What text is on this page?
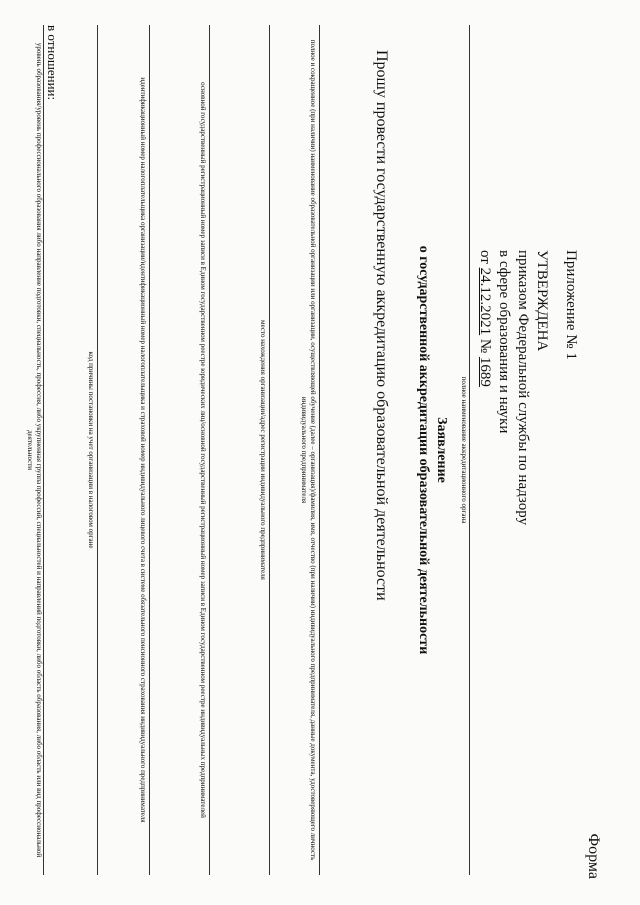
Форма
Приложение № 1
УТВЕРЖДЕНА
приказом Федеральной службы по надзору
в сфере образования и науки
от 24.12.2021 № 1689
полное наименование аккредитационного органа
Заявление
о государственной аккредитации образовательной деятельности
Прошу провести государственную аккредитацию образовательной деятельности
полное и сокращенное (при наличии) наименование образовательной организации или организации, осуществляющей обучение (далее – организация)/фамилия, имя, отчество (при наличии) индивидуального предпринимателя, данные документа, удостоверяющего личность индивидуального предпринимателя
место нахождения организации/адрес регистрации индивидуального предпринимателя
основной государственный регистрационный номер записи в Едином государственном реестре юридических лиц/основной государственный регистрационный номер записи в Едином государственном реестре индивидуальных предпринимателей
идентификационный номер налогоплательщика организации/идентификационный номер налогоплательщика и страховой номер индивидуального лицевого счета в системе обязательного пенсионного страхования индивидуального предпринимателя
код причины постановки на учет организации в налоговом органе
в отношении:
уровень образования/уровень профессионального образования либо направление подготовки, специальность, профессия, либо укрупненная группа профессий, специальностей и направлений подготовки, либо область образования, либо область или вид профессиональной деятельности
